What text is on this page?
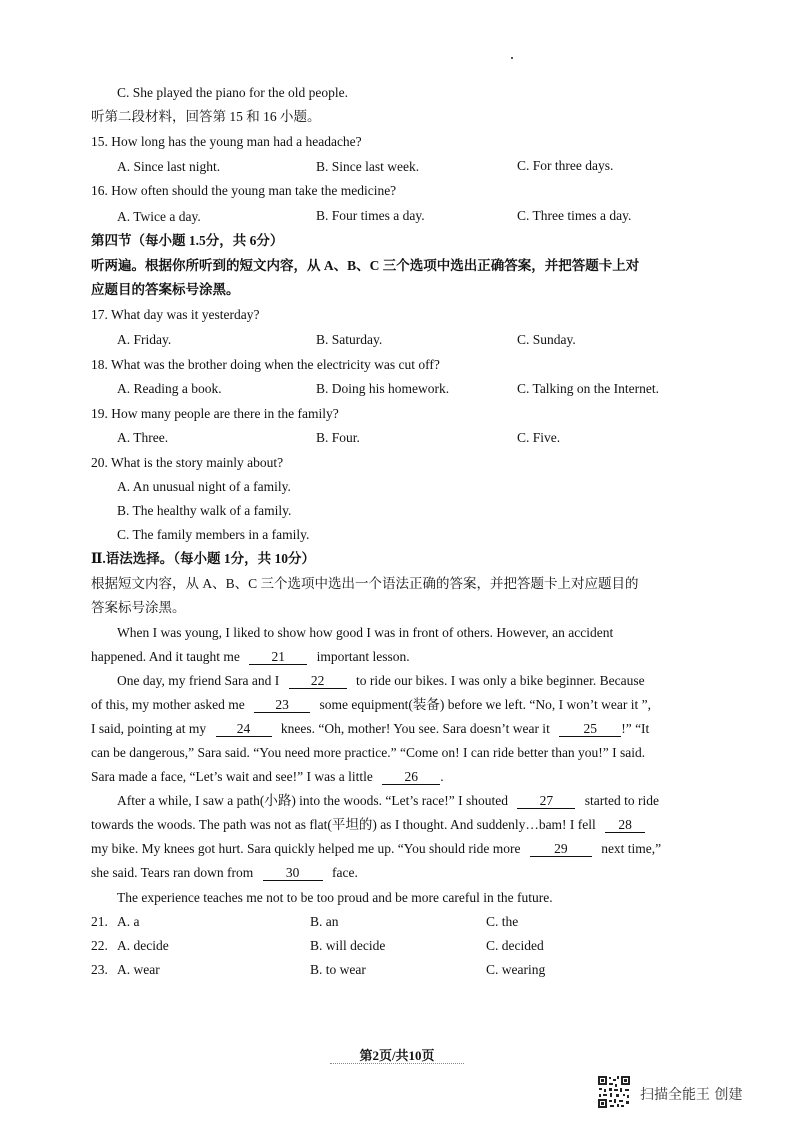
C. She played the piano for the old people.
听第二段材料，回答第 15 和 16 小题。
15. How long has the young man had a headache?
A. Since last night.	B. Since last week.	C. For three days.
16. How often should the young man take the medicine?
A. Twice a day.	B. Four times a day.	C. Three times a day.
第四节（每小题 1.5分，共 6分）
听两遍。根据你所听到的短文内容，从 A、B、C 三个选项中选出正确答案，并把答题卡上对
应题目的答案标号涂黑。
17. What day was it yesterday?
A. Friday.	B. Saturday.	C. Sunday.
18. What was the brother doing when the electricity was cut off?
A. Reading a book.	B. Doing his homework.	C. Talking on the Internet.
19. How many people are there in the family?
A. Three.	B. Four.	C. Five.
20. What is the story mainly about?
A. An unusual night of a family.
B. The healthy walk of a family.
C. The family members in a family.
Ⅱ.语法选择。（每小题 1分，共 10分）
根据短文内容，从 A、B、C 三个选项中选出一个语法正确的答案，并把答题卡上对应题目的
答案标号涂黑。
When I was young, I liked to show how good I was in front of others. However, an accident
happened. And it taught me 21 important lesson.
One day, my friend Sara and I 22 to ride our bikes. I was only a bike beginner. Because
of this, my mother asked me 23 some equipment(装备) before we left. “No, I won’t wear it ”,
I said, pointing at my 24 knees. “Oh, mother! You see. Sara doesn’t wear it 25 !” “It
can be dangerous,” Sara said. “You need more practice.” “Come on! I can ride better than you!” I said.
Sara made a face, “Let’s wait and see!” I was a little 26 .
After a while, I saw a path(小路) into the woods. “Let’s race!” I shouted 27 started to ride
towards the woods. The path was not as flat(平坦的) as I thought. And suddenly…bam! I fell 28
my bike. My knees got hurt. Sara quickly helped me up. “You should ride more 29 next time,”
she said. Tears ran down from 30 face.
The experience teaches me not to be too proud and be more careful in the future.
21. A. a	B. an	C. the
22. A. decide	B. will decide	C. decided
23. A. wear	B. to wear	C. wearing
第2页/共10页
扫描全能王 创建
